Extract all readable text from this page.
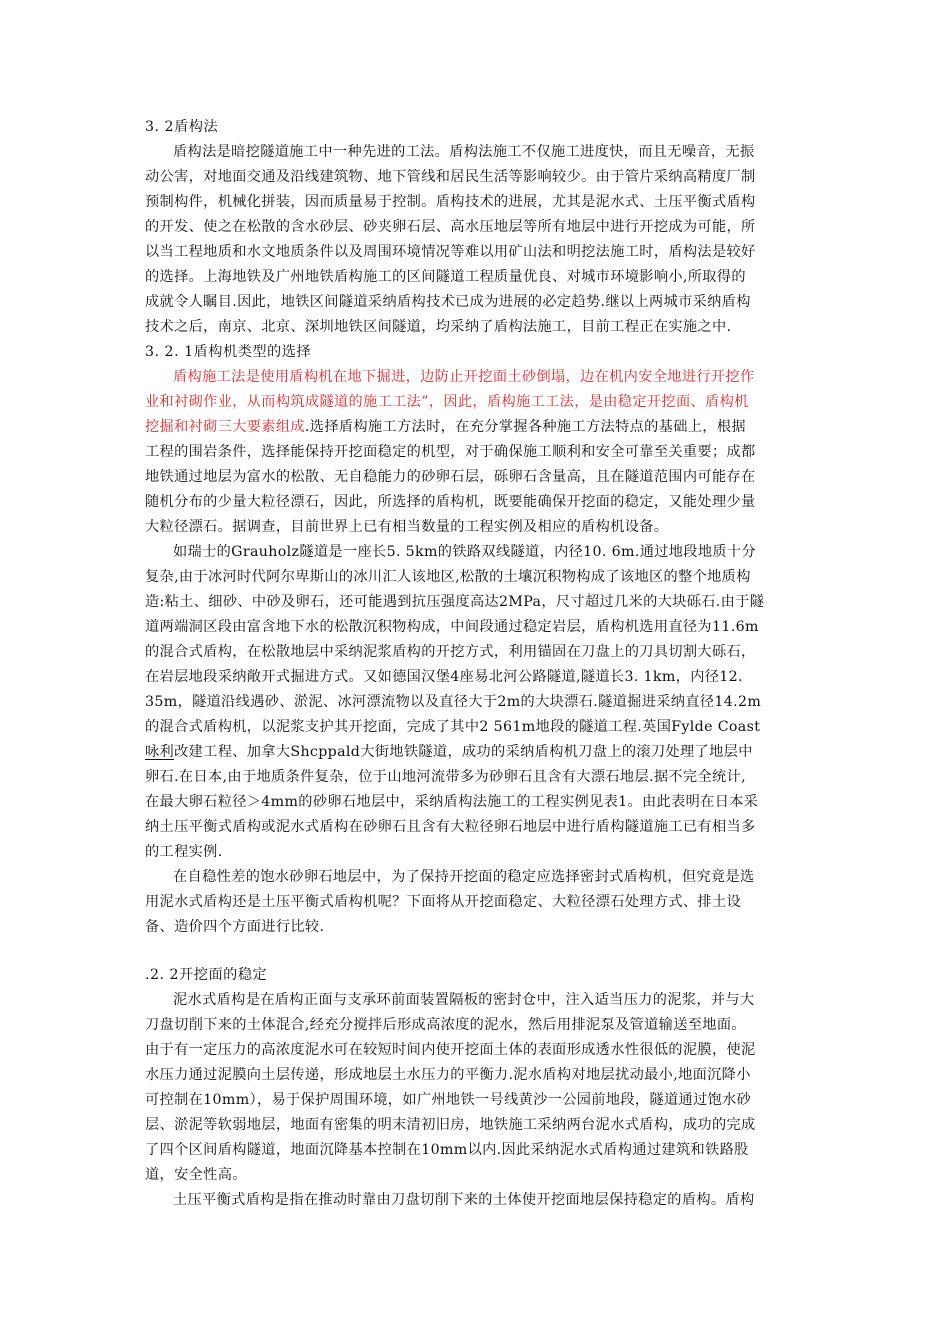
3. 2盾构法
盾构法是暗挖隧道施工中一种先进的工法。盾构法施工不仅施工进度快，而且无噪音，无振
动公害，对地面交通及沿线建筑物、地下管线和居民生活等影响较少。由于管片采纳高精度厂制
预制构件，机械化拼装，因而质量易于控制。盾构技术的进展，尤其是泥水式、土压平衡式盾构
的开发、使之在松散的含水砂层、砂夹卵石层、高水压地层等所有地层中进行开挖成为可能，所
以当工程地质和水文地质条件以及周围环境情况等难以用矿山法和明挖法施工时，盾构法是较好
的选择。上海地铁及广州地铁盾构施工的区间隧道工程质量优良、对城市环境影响小,所取得的
成就令人瞩目.因此，地铁区间隧道采纳盾构技术已成为进展的必定趋势.继以上两城市采纳盾构
技术之后，南京、北京、深圳地铁区间隧道，均采纳了盾构法施工，目前工程正在实施之中.
3. 2. 1盾构机类型的选择
盾构施工法是使用盾构机在地下掘进，边防止开挖面土砂倒塌，边在机内安全地进行开挖作
业和衬砌作业，从而构筑成隧道的施工工法”，因此，盾构施工工法，是由稳定开挖面、盾构机
挖掘和衬砌三大要素组成.选择盾构施工方法时，在充分掌握各种施工方法特点的基础上，根据
工程的围岩条件，选择能保持开挖面稳定的机型，对于确保施工顺利和安全可靠至关重要；成都
地铁通过地层为富水的松散、无自稳能力的砂卵石层，砾卵石含量高，且在隧道范围内可能存在
随机分布的少量大粒径漂石，因此，所选择的盾构机，既要能确保开挖面的稳定，又能处理少量
大粒径漂石。据调查，目前世界上已有相当数量的工程实例及相应的盾构机设备。
如瑞士的Grauholz隧道是一座长5. 5km的铁路双线隧道，内径10. 6m.通过地段地质十分
复杂,由于冰河时代阿尔卑斯山的冰川汇人该地区,松散的土壤沉积物构成了该地区的整个地质构
造:粘土、细砂、中砂及卵石，还可能遇到抗压强度高达2MPa，尺寸超过几米的大块砾石.由于隧
道两端洞区段由富含地下水的松散沉积物构成，中间段通过稳定岩层，盾构机选用直径为11.6m
的混合式盾构，在松散地层中采纳泥浆盾构的开挖方式，利用锚固在刀盘上的刀具切割大砾石，
在岩层地段采纳敞开式掘进方式。又如德国汉堡4座易北河公路隧道,隧道长3. 1km，内径12.
35m，隧道沿线遇砂、淤泥、冰河漂流物以及直径大于2m的大块漂石.隧道掘进采纳直径14.2m
的混合式盾构机，以泥浆支护其开挖面，完成了其中2 561m地段的隧道工程.英国Fylde Coast
咏利改建工程、加拿大Shcppald大街地铁隧道，成功的采纳盾构机刀盘上的滚刀处理了地层中
卵石.在日本,由于地质条件复杂，位于山地河流带多为砂卵石且含有大漂石地层.据不完全统计,
在最大卵石粒径＞4mm的砂卵石地层中，采纳盾构法施工的工程实例见表1。由此表明在日本采
纳土压平衡式盾构或泥水式盾构在砂卵石且含有大粒径卵石地层中进行盾构隧道施工已有相当多
的工程实例.
在自稳性差的饱水砂卵石地层中，为了保持开挖面的稳定应选择密封式盾构机，但究竟是选
用泥水式盾构还是土压平衡式盾构机呢？下面将从开挖面稳定、大粒径漂石处理方式、排土设
备、造价四个方面进行比较.
.2. 2开挖面的稳定
泥水式盾构是在盾构正面与支承环前面装置隔板的密封仓中，注入适当压力的泥浆，并与大
刀盘切削下来的土体混合,经充分搅拌后形成高浓度的泥水，然后用排泥泵及管道输送至地面。
由于有一定压力的高浓度泥水可在较短时间内使开挖面土体的表面形成透水性很低的泥膜，使泥
水压力通过泥膜向土层传递，形成地层土水压力的平衡力.泥水盾构对地层扰动最小,地面沉降小
可控制在10mm），易于保护周围环境，如广州地铁一号线黄沙一公园前地段，隧道通过饱水砂
层、淤泥等软弱地层，地面有密集的明末清初旧房，地铁施工采纳两台泥水式盾构，成功的完成
了四个区间盾构隧道，地面沉降基本控制在10mm以内.因此采纳泥水式盾构通过建筑和铁路股
道，安全性高。
土压平衡式盾构是指在推动时靠由刀盘切削下来的土体使开挖面地层保持稳定的盾构。盾构
